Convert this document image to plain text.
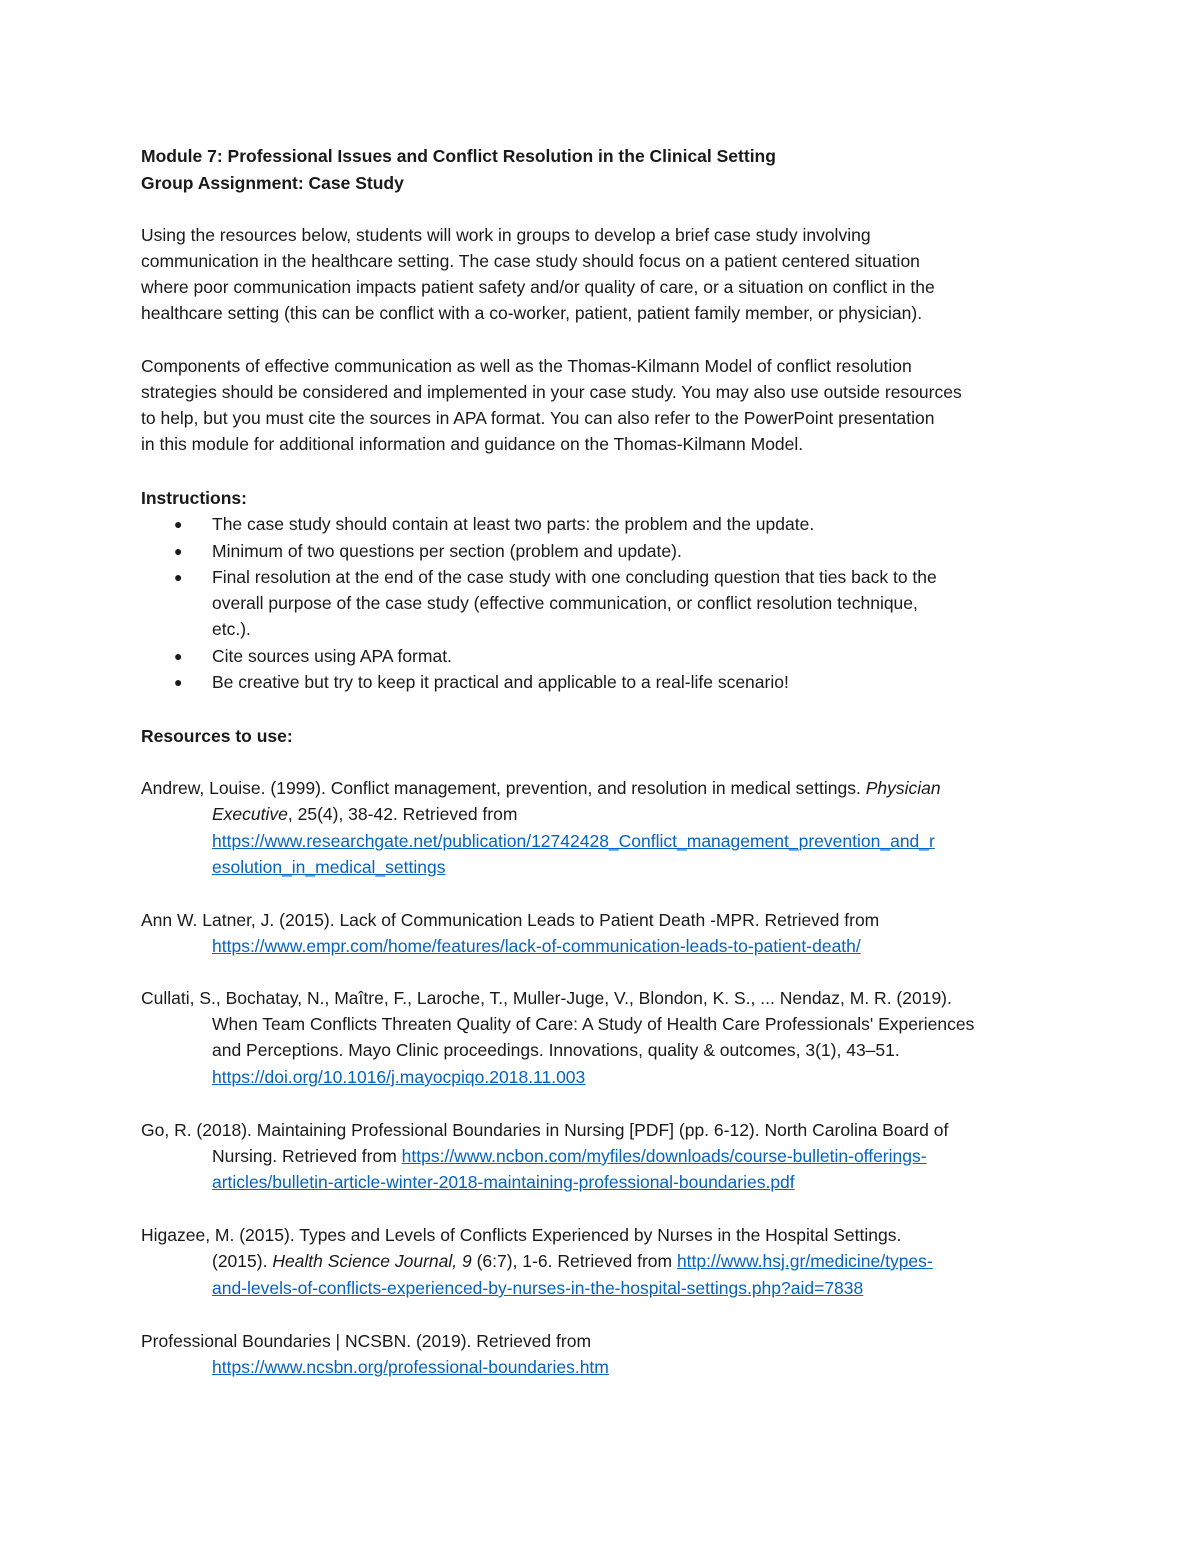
Module 7: Professional Issues and Conflict Resolution in the Clinical Setting
Group Assignment: Case Study
Using the resources below, students will work in groups to develop a brief case study involving
communication in the healthcare setting. The case study should focus on a patient centered situation
where poor communication impacts patient safety and/or quality of care, or a situation on conflict in the
healthcare setting (this can be conflict with a co-worker, patient, patient family member, or physician).
Components of effective communication as well as the Thomas-Kilmann Model of conflict resolution
strategies should be considered and implemented in your case study. You may also use outside resources
to help, but you must cite the sources in APA format. You can also refer to the PowerPoint presentation
in this module for additional information and guidance on the Thomas-Kilmann Model.
Instructions:
● The case study should contain at least two parts: the problem and the update.
● Minimum of two questions per section (problem and update).
● Final resolution at the end of the case study with one concluding question that ties back to the
overall purpose of the case study (effective communication, or conflict resolution technique,
etc.).
● Cite sources using APA format.
● Be creative but try to keep it practical and applicable to a real-life scenario!
Resources to use:
Andrew, Louise. (1999). Conflict management, prevention, and resolution in medical settings. Physician
Executive, 25(4), 38-42. Retrieved from
https://www.researchgate.net/publication/12742428_Conflict_management_prevention_and_r
esolution_in_medical_settings
Ann W. Latner, J. (2015). Lack of Communication Leads to Patient Death -MPR. Retrieved from
https://www.empr.com/home/features/lack-of-communication-leads-to-patient-death/
Cullati, S., Bochatay, N., Maître, F., Laroche, T., Muller-Juge, V., Blondon, K. S., ... Nendaz, M. R. (2019).
When Team Conflicts Threaten Quality of Care: A Study of Health Care Professionals' Experiences
and Perceptions. Mayo Clinic proceedings. Innovations, quality & outcomes, 3(1), 43–51.
https://doi.org/10.1016/j.mayocpiqo.2018.11.003
Go, R. (2018). Maintaining Professional Boundaries in Nursing [PDF] (pp. 6-12). North Carolina Board of
Nursing. Retrieved from https://www.ncbon.com/myfiles/downloads/course-bulletin-offerings-
articles/bulletin-article-winter-2018-maintaining-professional-boundaries.pdf
Higazee, M. (2015). Types and Levels of Conflicts Experienced by Nurses in the Hospital Settings.
(2015). Health Science Journal, 9 (6:7), 1-6. Retrieved from http://www.hsj.gr/medicine/types-
and-levels-of-conflicts-experienced-by-nurses-in-the-hospital-settings.php?aid=7838
Professional Boundaries | NCSBN. (2019). Retrieved from
https://www.ncsbn.org/professional-boundaries.htm
